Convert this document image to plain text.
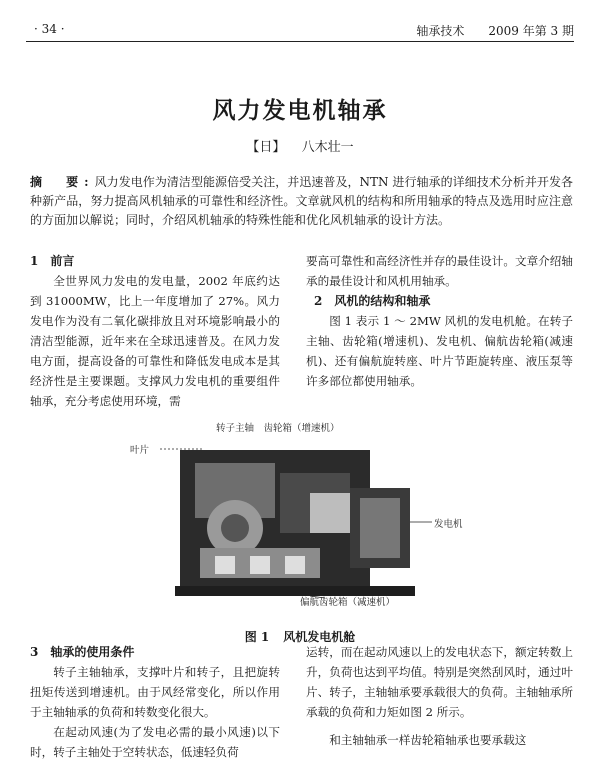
· 34 ·	轴承技术　　2009 年第 3 期
风力发电机轴承
【日】 八木壮一
摘　要:风力发电作为清洁型能源倍受关注，并迅速普及，NTN 进行轴承的详细技术分析并开发各种新产品，努力提高风机轴承的可靠性和经济性。文章就风机的结构和所用轴承的特点及选用时应注意的方面加以解说；同时，介绍风机轴承的特殊性能和优化风机轴承的设计方法。
1　前言

全世界风力发电的发电量，2002 年底约达到 31000MW，比上一年度增加了 27%。风力发电作为没有二氧化碳排放且对环境影响最小的清洁型能源，近年来在全球迅速普及。在风力发电方面，提高设备的可靠性和降低发电成本是其经济性是主要课题。支撑风力发电机的重要组件轴承，充分考虑使用环境，需

要高可靠性和高经济性并存的最佳设计。文章介绍轴承的最佳设计和风机用轴承。

2　风机的结构和轴承

图 1 表示 1 ～ 2MW 风机的发电机舱。在转子主轴、齿轮箱(增速机)、发电机、偏航齿轮箱(减速机)、还有偏航旋转座、叶片节距旋转座、液压泵等许多部位都使用轴承。

转子主轴　齿轮箱（增速机）
叶片
发电机
偏航齿轮箱（减速机）
图 1 风机发电机舱
3　轴承的使用条件

转子主轴轴承，支撑叶片和转子，且把旋转扭矩传送到增速机。由于风经常变化，所以作用于主轴轴承的负荷和转数变化很大。

在起动风速(为了发电必需的最小风速)以下时，转子主轴处于空转状态，低速轻负荷

运转，而在起动风速以上的发电状态下，额定转数上升，负荷也达到平均值。特别是突然刮风时，通过叶片、转子，主轴轴承要承载很大的负荷。主轴轴承所承载的负荷和力矩如图 2 所示。

和主轴轴承一样齿轮箱轴承也要承载这
